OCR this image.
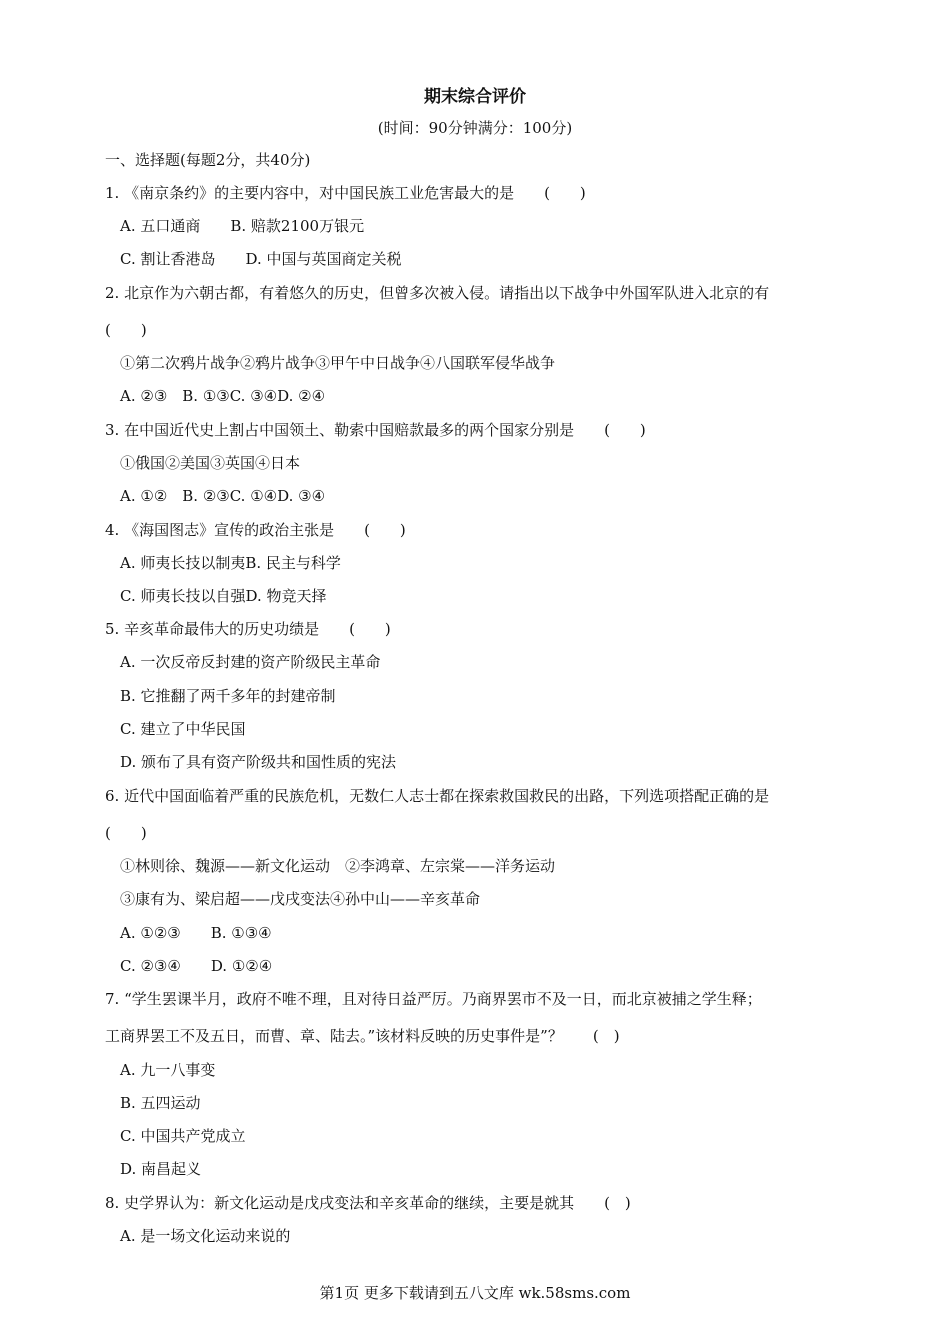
期末综合评价
(时间：90分钟满分：100分)
一、选择题(每题2分，共40分)
1. 《南京条约》的主要内容中，对中国民族工业危害最大的是　　(　　)
A. 五口通商　　B. 赔款2100万银元
C. 割让香港岛　　D. 中国与英国商定关税
2. 北京作为六朝古都，有着悠久的历史，但曾多次被入侵。请指出以下战争中外国军队进入北京的有
(　　)
①第二次鸦片战争②鸦片战争③甲午中日战争④八国联军侵华战争
A. ②③　B. ①③C. ③④D. ②④
3. 在中国近代史上割占中国领土、勒索中国赔款最多的两个国家分别是　　(　　)
①俄国②美国③英国④日本
A. ①②　B. ②③C. ①④D. ③④
4. 《海国图志》宣传的政治主张是　　(　　)
A. 师夷长技以制夷B. 民主与科学
C. 师夷长技以自强D. 物竞天择
5. 辛亥革命最伟大的历史功绩是　　(　　)
A. 一次反帝反封建的资产阶级民主革命
B. 它推翻了两千多年的封建帝制
C. 建立了中华民国
D. 颁布了具有资产阶级共和国性质的宪法
6. 近代中国面临着严重的民族危机，无数仁人志士都在探索救国救民的出路，下列选项搭配正确的是
(　　)
①林则徐、魏源——新文化运动　②李鸿章、左宗棠——洋务运动
③康有为、梁启超——戊戌变法④孙中山——辛亥革命
A. ①②③　　B. ①③④
C. ②③④　　D. ①②④
7. “学生罢课半月，政府不唯不理，且对待日益严厉。乃商界罢市不及一日，而北京被捕之学生释；
工商界罢工不及五日，而曹、章、陆去。”该材料反映的历史事件是”？　　(　)
A. 九一八事变
B. 五四运动
C. 中国共产党成立
D. 南昌起义
8. 史学界认为：新文化运动是戊戌变法和辛亥革命的继续，主要是就其　　(　)
A. 是一场文化运动来说的
第1页 更多下载请到五八文库 wk.58sms.com
